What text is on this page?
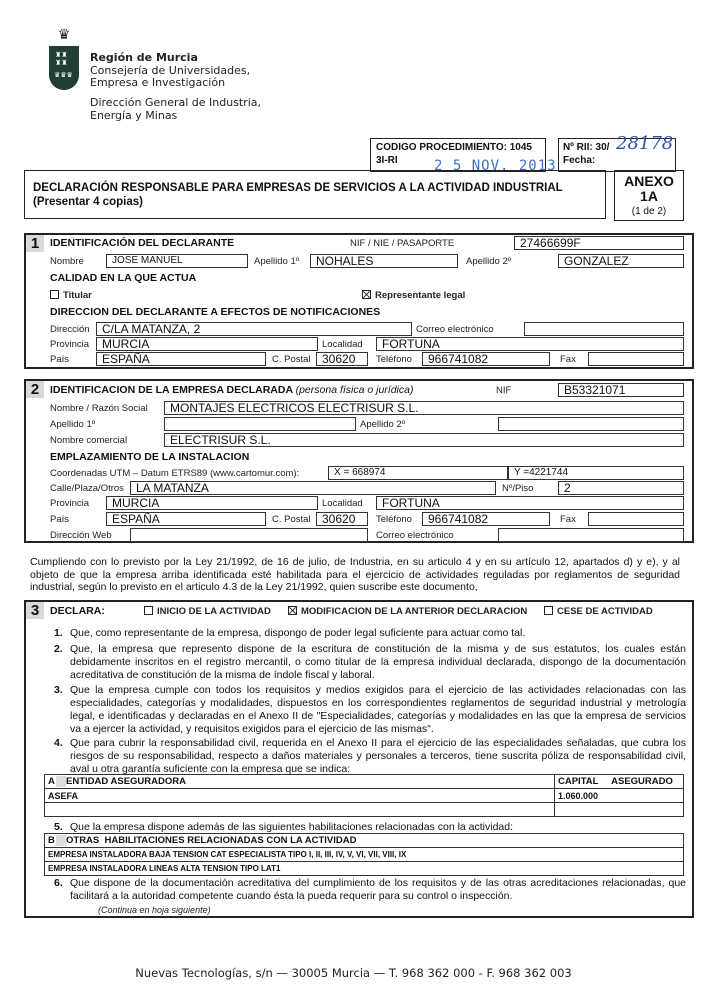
♛
♜♜
♜♜
♛♛♛
Región de Murcia
Consejería de Universidades,
Empresa e Investigación
Dirección General de Industria,
Energía y Minas
CODIGO PROCEDIMIENTO: 1045
3I-RI
Nº RII: 30/
Fecha:
28178
2 5 NOV. 2013
DECLARACIÓN RESPONSABLE PARA EMPRESAS DE SERVICIOS A LA ACTIVIDAD INDUSTRIAL
(Presentar 4 copias)
ANEXO
1A
(1 de 2)
1	IDENTIFICACIÓN DEL DECLARANTE	NIF / NIE / PASAPORTE	27466699F
Nombre	JOSE MANUEL	Apellido 1º	NOHALES	Apellido 2º	GONZALEZ
CALIDAD EN LA QUE ACTUA
Titular	Representante legal
DIRECCION DEL DECLARANTE A EFECTOS DE NOTIFICACIONES
Dirección	C/LA MATANZA, 2	Correo electrónico
Provincia	MURCIA	Localidad	FORTUNA
País	ESPAÑA	C. Postal 30620	Teléfono	966741082	Fax
2	IDENTIFICACION DE LA EMPRESA DECLARADA (persona física o jurídica)	NIF	B53321071
Nombre / Razón Social	MONTAJES ELECTRICOS ELECTRISUR S.L.
Apellido 1º	Apellido 2º
Nombre comercial	ELECTRISUR S.L.
EMPLAZAMIENTO DE LA INSTALACION
Coordenadas UTM – Datum ETRS89 (www.cartomur.com):	X = 668974	Y =4221744
Calle/Plaza/Otros	LA MATANZA	Nº/Piso	2
Provincia	MURCIA	Localidad	FORTUNA
País	ESPAÑA	C. Postal 30620	Teléfono	966741082	Fax
Dirección Web	Correo electrónico
Cumpliendo con lo previsto por la Ley 21/1992, de 16 de julio, de Industria, en su articulo 4 y en su artículo 12, apartados d) y e), y al objeto de que la empresa arriba identificada esté habilitada para el ejercicio de actividades reguladas por reglamentos de seguridad industrial, según lo previsto en el articulo 4.3 de la Ley 21/1992, quien suscribe este documento,
3	DECLARA:	INICIO DE LA ACTIVIDAD	MODIFICACION DE LA ANTERIOR DECLARACION	CESE DE ACTIVIDAD
1. Que, como representante de la empresa, dispongo de poder legal suficiente para actuar como tal.
2. Que, la empresa que represento dispone de la escritura de constitución de la misma y de sus estatutos, los cuales están debidamente inscritos en el registro mercantil, o como titular de la empresa individual declarada, dispongo de la documentación acreditativa de constitución de la misma de índole fiscal y laboral.
3. Que la empresa cumple con todos los requisitos y medios exigidos para el ejercicio de las actividades relacionadas con las especialidades, categorías y modalidades, dispuestos en los correspondientes reglamentos de seguridad industrial y metrología legal, e identificadas y declaradas en el Anexo II de "Especialidades, categorías y modalidades en las que la empresa de servicios va a ejercer la actividad, y requisitos exigidos para el ejercicio de las mismas".
4. Que para cubrir la responsabilidad civil, requerida en el Anexo II para el ejercicio de las especialidades señaladas, que cubra los riesgos de su responsabilidad, respecto a daños materiales y personales a terceros, tiene suscrita póliza de responsabilidad civil, aval u otra garantía suficiente con la empresa que se indica:
A ENTIDAD ASEGURADORA	CAPITAL     ASEGURADO
ASEFA	1.060.000

5. Que la empresa dispone además de las siguientes habilitaciones relacionadas con la actividad:
B OTRAS  HABILITACIONES RELACIONADAS CON LA ACTIVIDAD
EMPRESA INSTALADORA BAJA TENSION CAT ESPECIALISTA TIPO I, II, III, IV, V, VI, VII, VIII, IX
EMPRESA INSTALADORA LINEAS ALTA TENSION TIPO LAT1
6. Que dispone de la documentación acreditativa del cumplimiento de los requisitos y de las otras acreditaciones relacionadas, que facilitará a la autoridad competente cuando ésta la pueda requerir para su control o inspección.
(Continua en hoja siguiente)
Nuevas Tecnologías, s/n — 30005 Murcia — T. 968 362 000 - F. 968 362 003
